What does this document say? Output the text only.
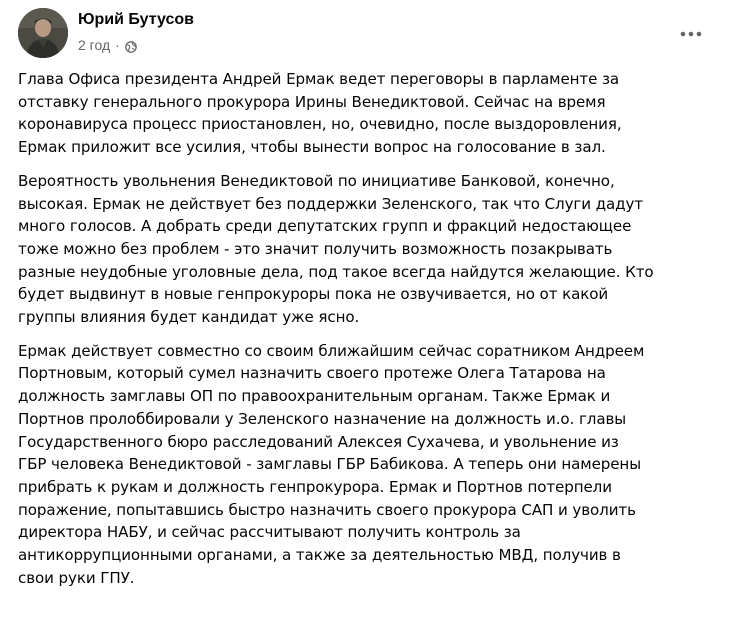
Юрий Бутусов
2 год ·

Глава Офиса президента Андрей Ермак ведет переговоры в парламенте за
отставку генерального прокурора Ирины Венедиктовой. Сейчас на время
коронавируса процесс приостановлен, но, очевидно, после выздоровления,
Ермак приложит все усилия, чтобы вынести вопрос на голосование в зал.

Вероятность увольнения Венедиктовой по инициативе Банковой, конечно,
высокая. Ермак не действует без поддержки Зеленского, так что Слуги дадут
много голосов. А добрать среди депутатских групп и фракций недостающее
тоже можно без проблем - это значит получить возможность позакрывать
разные неудобные уголовные дела, под такое всегда найдутся желающие. Кто
будет выдвинут в новые генпрокуроры пока не озвучивается, но от какой
группы влияния будет кандидат уже ясно.

Ермак действует совместно со своим ближайшим сейчас соратником Андреем
Портновым, который сумел назначить своего протеже Олега Татарова на
должность замглавы ОП по правоохранительным органам. Также Ермак и
Портнов пролоббировали у Зеленского назначение на должность и.о. главы
Государственного бюро расследований Алексея Сухачева, и увольнение из
ГБР человека Венедиктовой - замглавы ГБР Бабикова. А теперь они намерены
прибрать к рукам и должность генпрокурора. Ермак и Портнов потерпели
поражение, попытавшись быстро назначить своего прокурора САП и уволить
директора НАБУ, и сейчас рассчитывают получить контроль за
антикоррупционными органами, а также за деятельностью МВД, получив в
свои руки ГПУ.
